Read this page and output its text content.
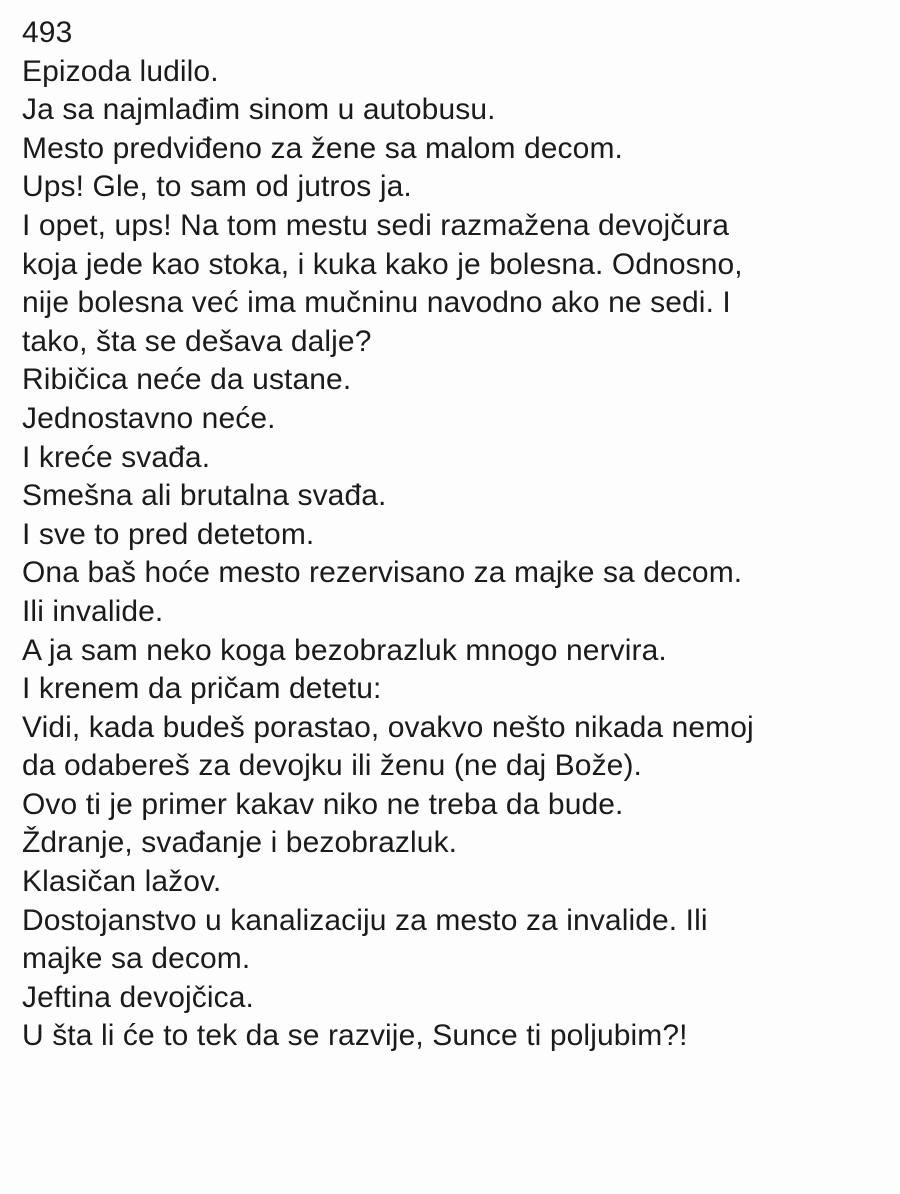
493
Epizoda ludilo.
Ja sa najmlađim sinom u autobusu.
Mesto predviđeno za žene sa malom decom.
Ups! Gle, to sam od jutros ja.
I opet, ups! Na tom mestu sedi razmažena devojčura
koja jede kao stoka, i kuka kako je bolesna. Odnosno,
nije bolesna već ima mučninu navodno ako ne sedi. I
tako, šta se dešava dalje?
Ribičica neće da ustane.
Jednostavno neće.
I kreće svađa.
Smešna ali brutalna svađa.
I sve to pred detetom.
Ona baš hoće mesto rezervisano za majke sa decom.
Ili invalide.
A ja sam neko koga bezobrazluk mnogo nervira.
I krenem da pričam detetu:
Vidi, kada budeš porastao, ovakvo nešto nikada nemoj
da odabereš za devojku ili ženu (ne daj Bože).
Ovo ti je primer kakav niko ne treba da bude.
Ždranje, svađanje i bezobrazluk.
Klasičan lažov.
Dostojanstvo u kanalizaciju za mesto za invalide. Ili
majke sa decom.
Jeftina devojčica.
U šta li će to tek da se razvije, Sunce ti poljubim?!
